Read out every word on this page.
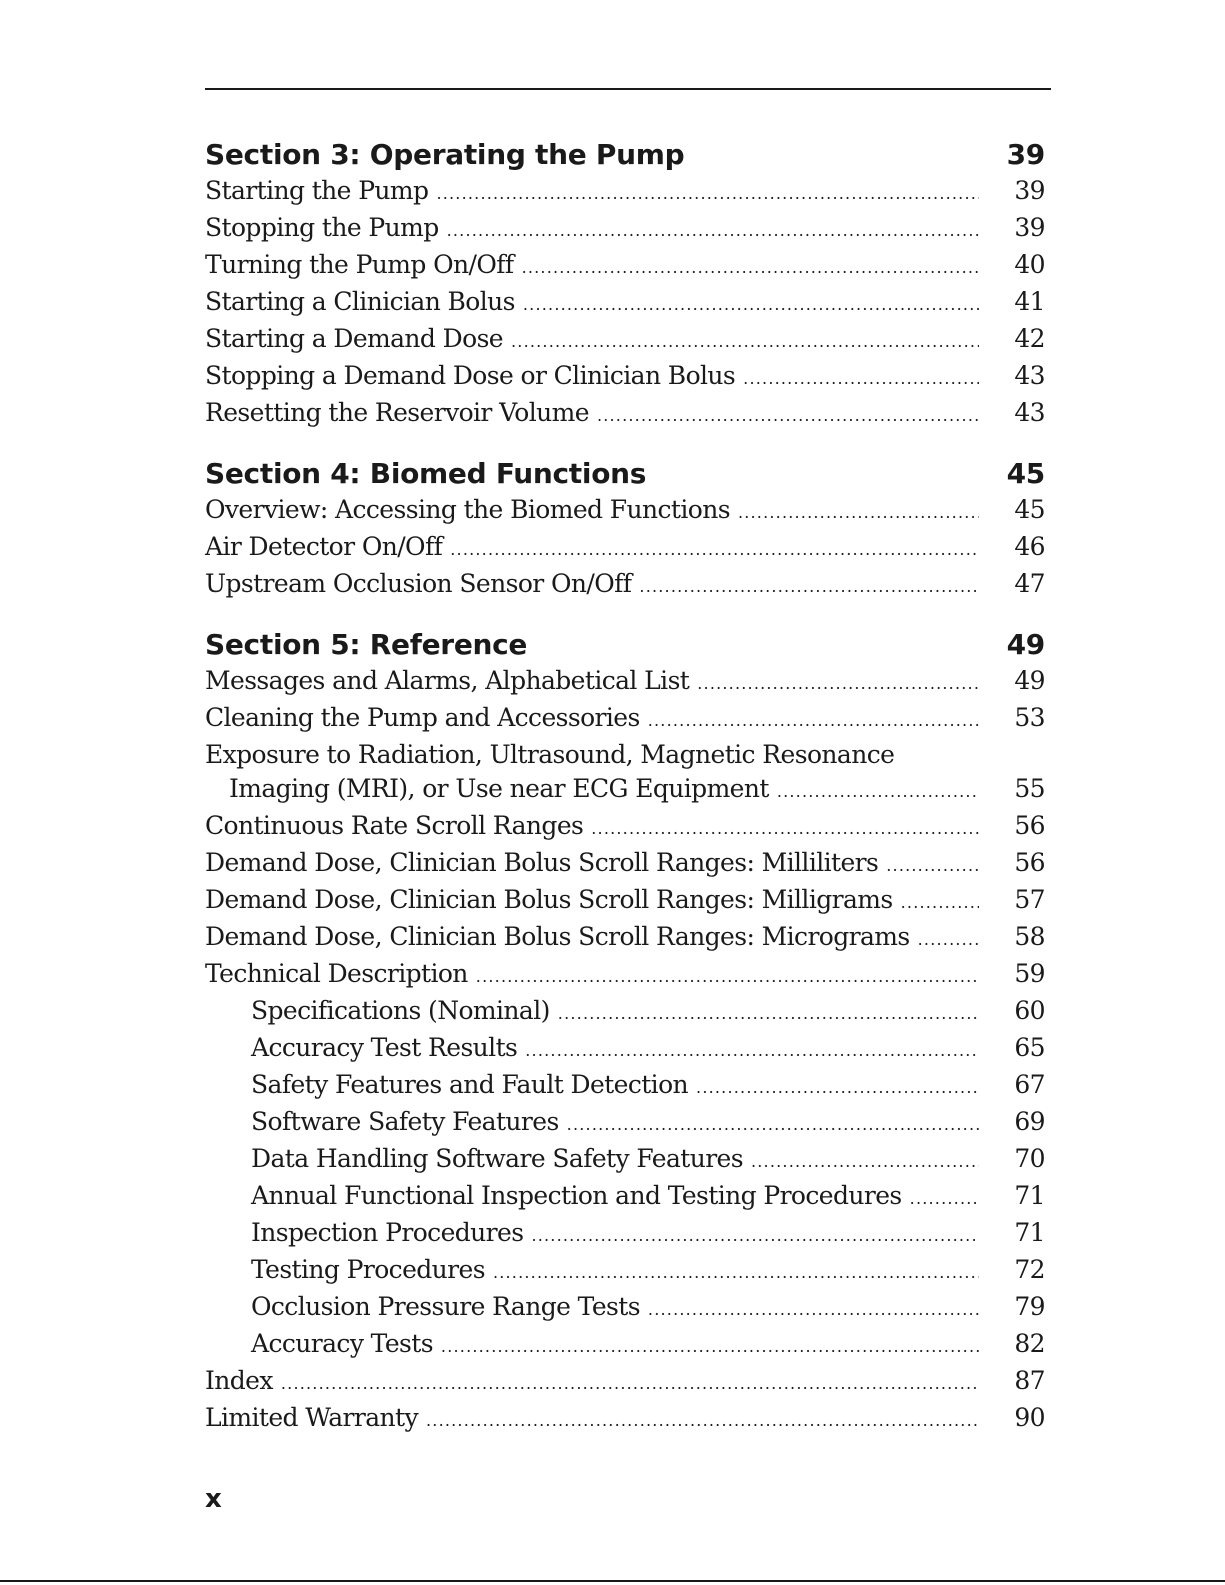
Section 3: Operating the Pump	39
Starting the Pump .....	39
Stopping the Pump .....	39
Turning the Pump On/Off .....	40
Starting a Clinician Bolus .....	41
Starting a Demand Dose .....	42
Stopping a Demand Dose or Clinician Bolus .....	43
Resetting the Reservoir Volume .....	43
Section 4: Biomed Functions	45
Overview: Accessing the Biomed Functions .....	45
Air Detector On/Off .....	46
Upstream Occlusion Sensor On/Off .....	47
Section 5: Reference	49
Messages and Alarms, Alphabetical List .....	49
Cleaning the Pump and Accessories .....	53
Exposure to Radiation, Ultrasound, Magnetic Resonance
Imaging (MRI), or Use near ECG Equipment .....	55
Continuous Rate Scroll Ranges .....	56
Demand Dose, Clinician Bolus Scroll Ranges: Milliliters .....	56
Demand Dose, Clinician Bolus Scroll Ranges: Milligrams .....	57
Demand Dose, Clinician Bolus Scroll Ranges: Micrograms .....	58
Technical Description .....	59
Specifications (Nominal) .....	60
Accuracy Test Results .....	65
Safety Features and Fault Detection .....	67
Software Safety Features .....	69
Data Handling Software Safety Features .....	70
Annual Functional Inspection and Testing Procedures .....	71
Inspection Procedures .....	71
Testing Procedures .....	72
Occlusion Pressure Range Tests .....	79
Accuracy Tests .....	82
Index .....	87
Limited Warranty .....	90
x
